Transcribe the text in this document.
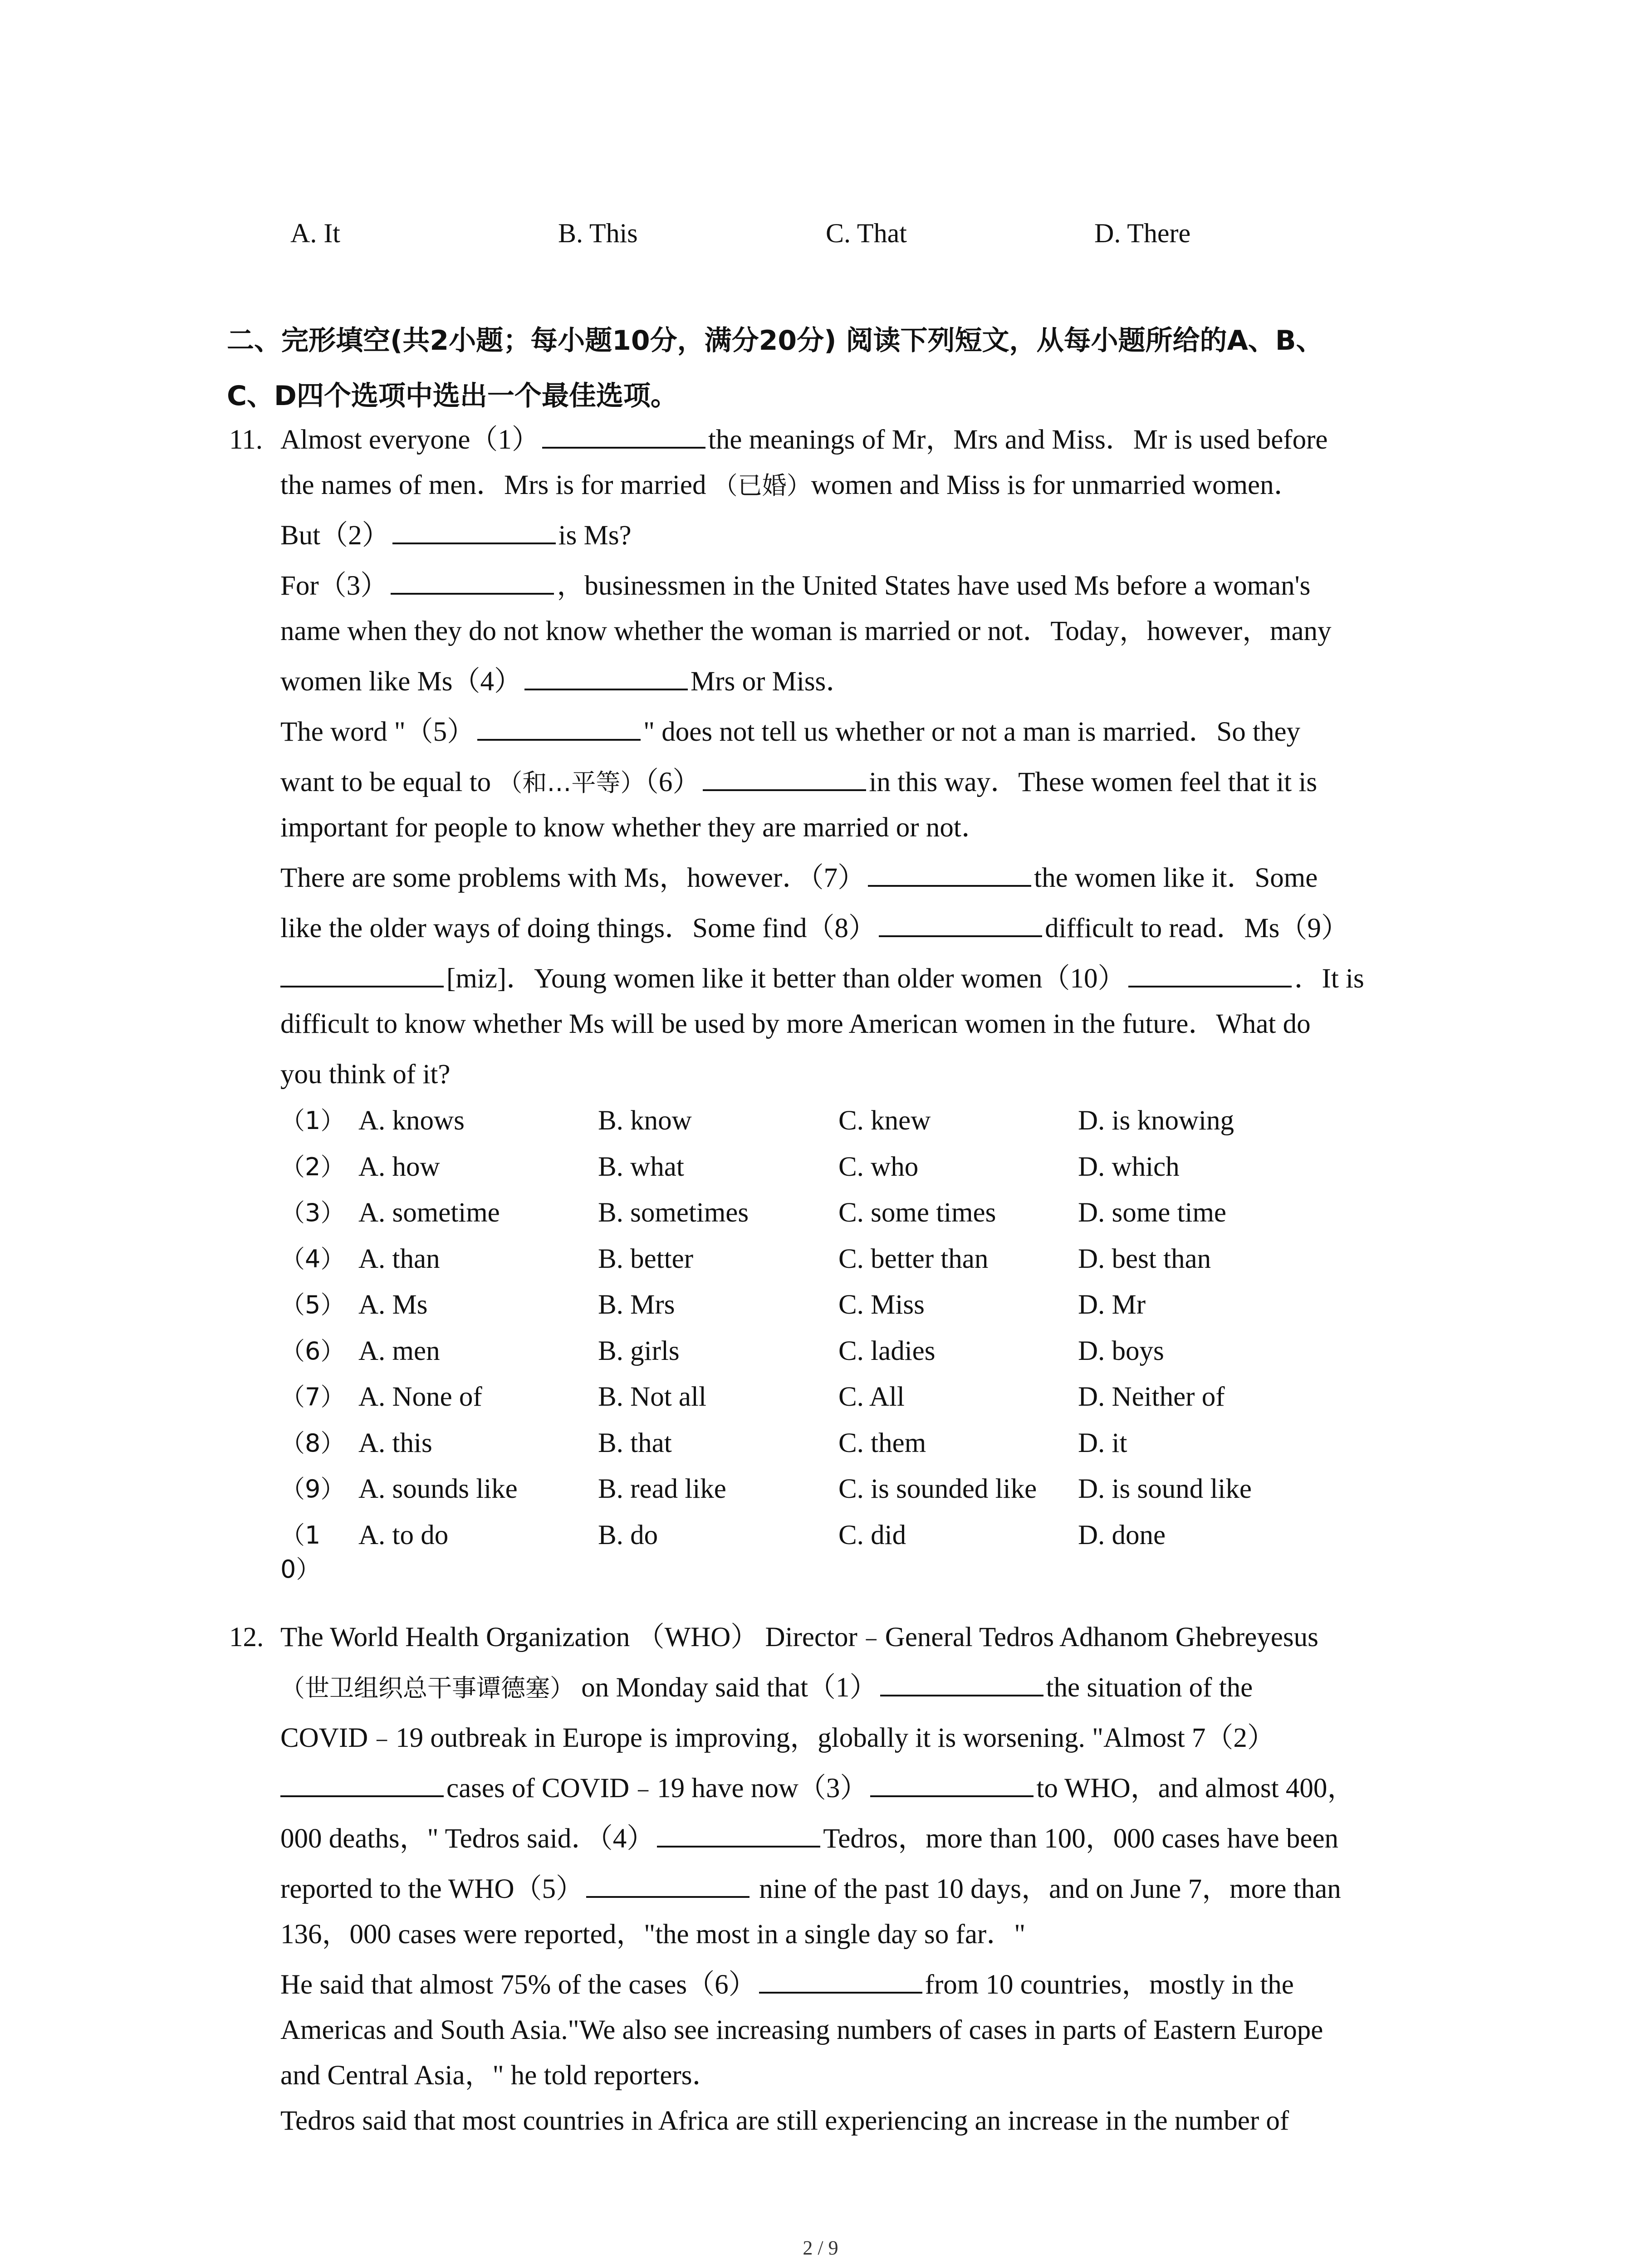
A. It	B. This	C. That	D. There
二、完形填空(共2小题；每小题10分，满分20分) 阅读下列短文，从每小题所给的A、B、
C、D四个选项中选出一个最佳选项。
11. Almost everyone（1）	the meanings of Mr，Mrs and Miss．Mr is used before
the names of men．Mrs is for married （已婚）women and Miss is for unmarried women．
But（2）	is Ms?
For（3）	，businessmen in the United States have used Ms before a woman's
name when they do not know whether the woman is married or not．Today，however，many
women like Ms（4）	Mrs or Miss．
The word "（5）	" does not tell us whether or not a man is married．So they
want to be equal to （和…平等）（6）	in this way．These women feel that it is
important for people to know whether they are married or not．
There are some problems with Ms，however．（7）	the women like it．Some
like the older ways of doing things．Some find（8）	difficult to read．Ms（9）
[miz]．Young women like it better than older women（10）	．It is
difficult to know whether Ms will be used by more American women in the future．What do
you think of it?
（1） A. knows	B. know	C. knew	D. is knowing
（2） A. how	B. what	C. who	D. which
（3） A. sometime	B. sometimes	C. some times	D. some time
（4） A. than	B. better	C. better than	D. best than
（5） A. Ms	B. Mrs	C. Miss	D. Mr
（6） A. men	B. girls	C. ladies	D. boys
（7） A. None of	B. Not all	C. All	D. Neither of
（8） A. this	B. that	C. them	D. it
（9） A. sounds like	B. read like	C. is sounded like D. is sound like
（1 A. to do	B. do	C. did	D. done
0）
12. The World Health Organization （WHO） Director﹣General Tedros Adhanom Ghebreyesus
（世卫组织总干事谭德塞） on Monday said that（1）	the situation of the
COVID﹣19 outbreak in Europe is improving，globally it is worsening. "Almost 7（2）
cases of COVID﹣19 have now（3）	to WHO，and almost 400，
000 deaths，" Tedros said．（4）	Tedros，more than 100，000 cases have been
reported to the WHO（5）	nine of the past 10 days，and on June 7，more than
136，000 cases were reported，"the most in a single day so far．"
He said that almost 75% of the cases（6）	from 10 countries，mostly in the
Americas and South Asia."We also see increasing numbers of cases in parts of Eastern Europe
and Central Asia，" he told reporters．
Tedros said that most countries in Africa are still experiencing an increase in the number of
2 / 9
